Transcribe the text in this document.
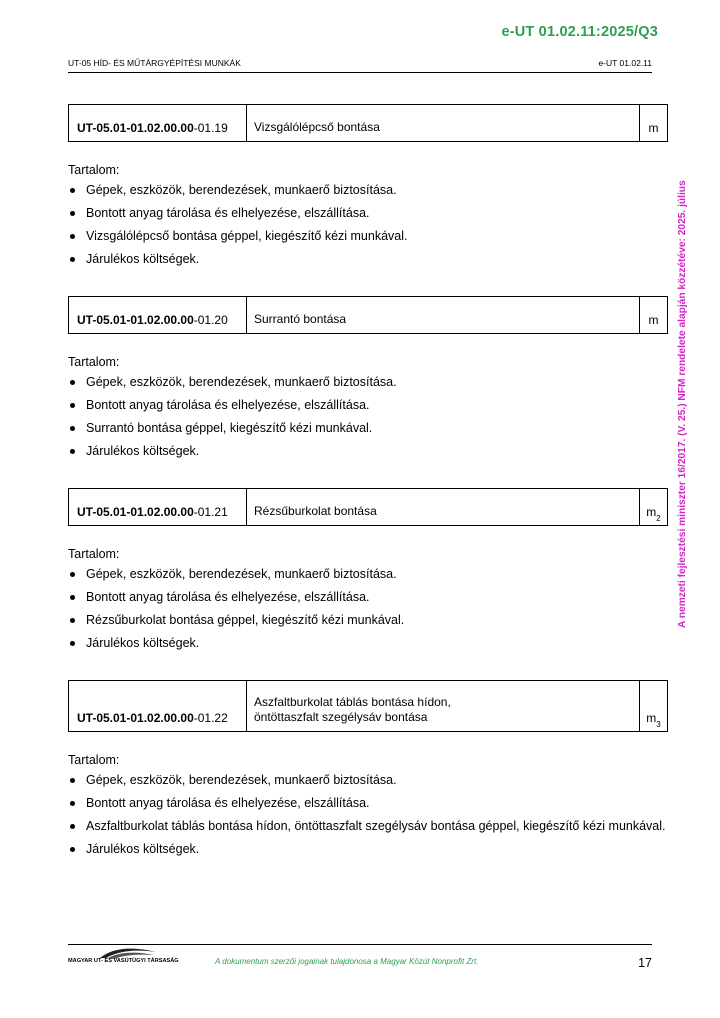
e-UT 01.02.11:2025/Q3
UT-05 HÍD- ÉS MŰTÁRGYÉPÍTÉSI MUNKÁK	e-UT 01.02.11
A nemzeti fejlesztési miniszter 16/2017. (V. 25.) NFM rendelete alapján közzétéve: 2025. július
UT-05.01-01.02.00.00 -01.19 Vizsgálólépcső bontása	m
Tartalom:
Gépek, eszközök, berendezések, munkaerő biztosítása.
Bontott anyag tárolása és elhelyezése, elszállítása.
Vizsgálólépcső bontása géppel, kiegészítő kézi munkával.
Járulékos költségek.
UT-05.01-01.02.00.00 -01.20 Surrantó bontása	m
Tartalom:
Gépek, eszközök, berendezések, munkaerő biztosítása.
Bontott anyag tárolása és elhelyezése, elszállítása.
Surrantó bontása géppel, kiegészítő kézi munkával.
Járulékos költségek.
UT-05.01-01.02.00.00 -01.21 Rézsűburkolat bontása	m 2
Tartalom:
Gépek, eszközök, berendezések, munkaerő biztosítása.
Bontott anyag tárolása és elhelyezése, elszállítása.
Rézsűburkolat bontása géppel, kiegészítő kézi munkával.
Járulékos költségek.
UT-05.01-01.02.00.00 -01.22
Aszfaltburkolat táblás bontása hídon,
öntöttaszfalt szegélysáv bontása	m 3
Tartalom:
Gépek, eszközök, berendezések, munkaerő biztosítása.
Bontott anyag tárolása és elhelyezése, elszállítása.
Aszfaltburkolat táblás bontása hídon, öntöttaszfalt szegélysáv bontása géppel, kiegészítő kézi munkával.
Járulékos költségek.
MAGYAR UT- ÉS VASÚTÜGYI TÁRSASÁG	A dokumentum szerzői jogainak tulajdonosa a Magyar Közút Nonprofit Zrt.	17
